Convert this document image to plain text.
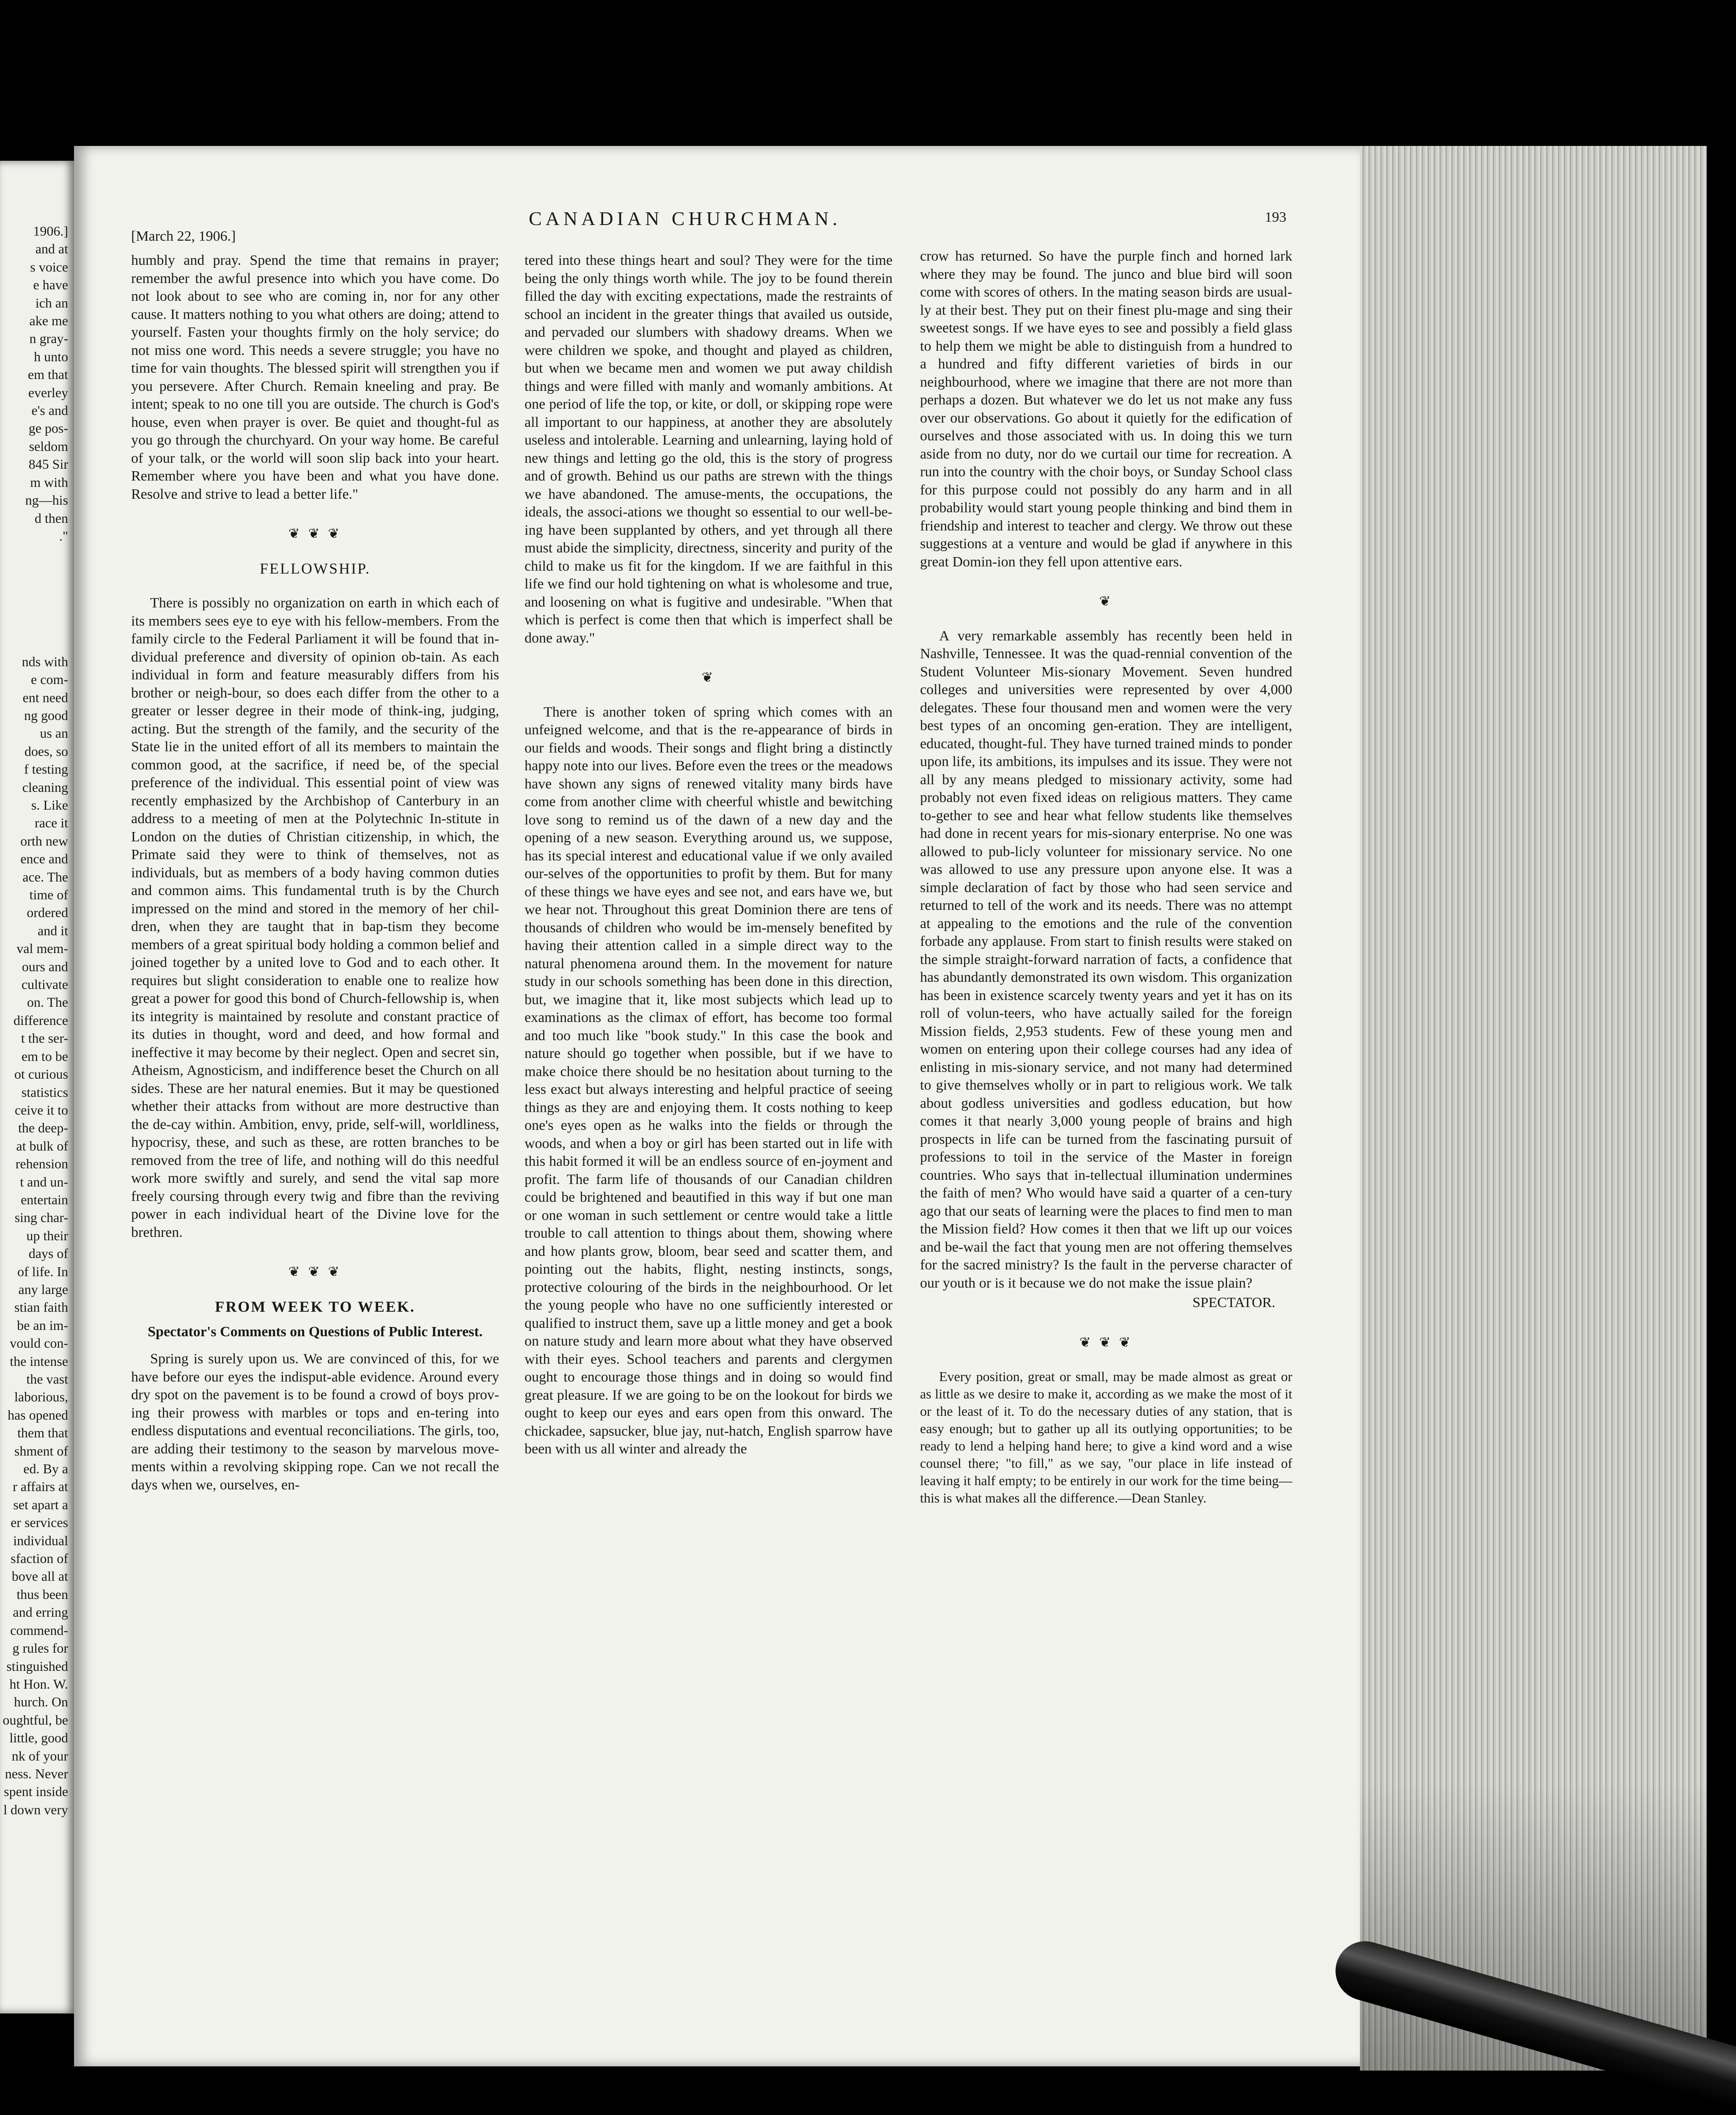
1906.]
and at
s voice
e have
ich an
ake me
n gray-
h unto
em that
everley
e's and
ge pos-
seldom
845 Sir
m with
ng—his
d then
."

nds with
e com-
ent need
ng good
us an
does, so
f testing
cleaning
s. Like
race it
orth new
ence and
ace. The
time of
ordered
and it
val mem-
ours and
cultivate
on. The
difference
t the ser-
em to be
ot curious
statistics
ceive it to
the deep-
at bulk of
rehension
t and un-
entertain
sing char-
up their
days of
of life. In
any large
stian faith
be an im-
vould con-
the intense
the vast
laborious,
has opened
them that
shment of
ed. By a
r affairs at
set apart a
er services
individual
sfaction of
bove all at
thus been
and erring
commend-
g rules for
stinguished
ht Hon. W.
hurch. On
oughtful, be
little, good
nk of your
ness. Never
spent inside
l down very
[March 22, 1906.]
CANADIAN CHURCHMAN.	193

humbly and pray. Spend the time that remains in prayer; remember the awful presence into which you have come. Do not look about to see who are coming in, nor for any other cause. It matters nothing to you what others are doing; attend to yourself. Fasten your thoughts firmly on the holy service; do not miss one word. This needs a severe struggle; you have no time for vain thoughts. The blessed spirit will strengthen you if you persevere. After Church. Remain kneeling and pray. Be intent; speak to no one till you are outside. The church is God's house, even when prayer is over. Be quiet and thought-ful as you go through the churchyard. On your way home. Be careful of your talk, or the world will soon slip back into your heart. Remember where you have been and what you have done. Resolve and strive to lead a better life."

❦ ❦ ❦
FELLOWSHIP.

There is possibly no organization on earth in which each of its members sees eye to eye with his fellow-members. From the family circle to the Federal Parliament it will be found that in-dividual preference and diversity of opinion ob-tain. As each individual in form and feature measurably differs from his brother or neigh-bour, so does each differ from the other to a greater or lesser degree in their mode of think-ing, judging, acting. But the strength of the family, and the security of the State lie in the united effort of all its members to maintain the common good, at the sacrifice, if need be, of the special preference of the individual. This essential point of view was recently emphasized by the Archbishop of Canterbury in an address to a meeting of men at the Polytechnic In-stitute in London on the duties of Christian citizenship, in which, the Primate said they were to think of themselves, not as individuals, but as members of a body having common duties and common aims. This fundamental truth is by the Church impressed on the mind and stored in the memory of her chil-dren, when they are taught that in bap-tism they become members of a great spiritual body holding a common belief and joined together by a united love to God and to each other. It requires but slight consideration to enable one to realize how great a power for good this bond of Church-fellowship is, when its integrity is maintained by resolute and constant practice of its duties in thought, word and deed, and how formal and ineffective it may become by their neglect. Open and secret sin, Atheism, Agnosticism, and indifference beset the Church on all sides. These are her natural enemies. But it may be questioned whether their attacks from without are more destructive than the de-cay within. Ambition, envy, pride, self-will, worldliness, hypocrisy, these, and such as these, are rotten branches to be removed from the tree of life, and nothing will do this needful work more swiftly and surely, and send the vital sap more freely coursing through every twig and fibre than the reviving power in each individual heart of the Divine love for the brethren.

❦ ❦ ❦
FROM WEEK TO WEEK.
Spectator's Comments on Questions of Public Interest.

Spring is surely upon us. We are convinced of this, for we have before our eyes the indisput-able evidence. Around every dry spot on the pavement is to be found a crowd of boys prov-ing their prowess with marbles or tops and en-tering into endless disputations and eventual reconciliations. The girls, too, are adding their testimony to the season by marvelous move-ments within a revolving skipping rope. Can we not recall the days when we, ourselves, en-

tered into these things heart and soul? They were for the time being the only things worth while. The joy to be found therein filled the day with exciting expectations, made the restraints of school an incident in the greater things that availed us outside, and pervaded our slumbers with shadowy dreams. When we were children we spoke, and thought and played as children, but when we became men and women we put away childish things and were filled with manly and womanly ambitions. At one period of life the top, or kite, or doll, or skipping rope were all important to our happiness, at another they are absolutely useless and intolerable. Learning and unlearning, laying hold of new things and letting go the old, this is the story of progress and of growth. Behind us our paths are strewn with the things we have abandoned. The amuse-ments, the occupations, the ideals, the associ-ations we thought so essential to our well-be-ing have been supplanted by others, and yet through all there must abide the simplicity, directness, sincerity and purity of the child to make us fit for the kingdom. If we are faithful in this life we find our hold tightening on what is wholesome and true, and loosening on what is fugitive and undesirable. "When that which is perfect is come then that which is imperfect shall be done away."

❦

There is another token of spring which comes with an unfeigned welcome, and that is the re-appearance of birds in our fields and woods. Their songs and flight bring a distinctly happy note into our lives. Before even the trees or the meadows have shown any signs of renewed vitality many birds have come from another clime with cheerful whistle and bewitching love song to remind us of the dawn of a new day and the opening of a new season. Everything around us, we suppose, has its special interest and educational value if we only availed our-selves of the opportunities to profit by them. But for many of these things we have eyes and see not, and ears have we, but we hear not. Throughout this great Dominion there are tens of thousands of children who would be im-mensely benefited by having their attention called in a simple direct way to the natural phenomena around them. In the movement for nature study in our schools something has been done in this direction, but, we imagine that it, like most subjects which lead up to examinations as the climax of effort, has become too formal and too much like "book study." In this case the book and nature should go together when possible, but if we have to make choice there should be no hesitation about turning to the less exact but always interesting and helpful practice of seeing things as they are and enjoying them. It costs nothing to keep one's eyes open as he walks into the fields or through the woods, and when a boy or girl has been started out in life with this habit formed it will be an endless source of en-joyment and profit. The farm life of thousands of our Canadian children could be brightened and beautified in this way if but one man or one woman in such settlement or centre would take a little trouble to call attention to things about them, showing where and how plants grow, bloom, bear seed and scatter them, and pointing out the habits, flight, nesting instincts, songs, protective colouring of the birds in the neighbourhood. Or let the young people who have no one sufficiently interested or qualified to instruct them, save up a little money and get a book on nature study and learn more about what they have observed with their eyes. School teachers and parents and clergymen ought to encourage those things and in doing so would find great pleasure. If we are going to be on the lookout for birds we ought to keep our eyes and ears open from this onward. The chickadee, sapsucker, blue jay, nut-hatch, English sparrow have been with us all winter and already the

crow has returned. So have the purple finch and horned lark where they may be found. The junco and blue bird will soon come with scores of others. In the mating season birds are usual-ly at their best. They put on their finest plu-mage and sing their sweetest songs. If we have eyes to see and possibly a field glass to help them we might be able to distinguish from a hundred to a hundred and fifty different varieties of birds in our neighbourhood, where we imagine that there are not more than perhaps a dozen. But whatever we do let us not make any fuss over our observations. Go about it quietly for the edification of ourselves and those associated with us. In doing this we turn aside from no duty, nor do we curtail our time for recreation. A run into the country with the choir boys, or Sunday School class for this purpose could not possibly do any harm and in all probability would start young people thinking and bind them in friendship and interest to teacher and clergy. We throw out these suggestions at a venture and would be glad if anywhere in this great Domin-ion they fell upon attentive ears.

❦

A very remarkable assembly has recently been held in Nashville, Tennessee. It was the quad-rennial convention of the Student Volunteer Mis-sionary Movement. Seven hundred colleges and universities were represented by over 4,000 delegates. These four thousand men and women were the very best types of an oncoming gen-eration. They are intelligent, educated, thought-ful. They have turned trained minds to ponder upon life, its ambitions, its impulses and its issue. They were not all by any means pledged to missionary activity, some had probably not even fixed ideas on religious matters. They came to-gether to see and hear what fellow students like themselves had done in recent years for mis-sionary enterprise. No one was allowed to pub-licly volunteer for missionary service. No one was allowed to use any pressure upon anyone else. It was a simple declaration of fact by those who had seen service and returned to tell of the work and its needs. There was no attempt at appealing to the emotions and the rule of the convention forbade any applause. From start to finish results were staked on the simple straight-forward narration of facts, a confidence that has abundantly demonstrated its own wisdom. This organization has been in existence scarcely twenty years and yet it has on its roll of volun-teers, who have actually sailed for the foreign Mission fields, 2,953 students. Few of these young men and women on entering upon their college courses had any idea of enlisting in mis-sionary service, and not many had determined to give themselves wholly or in part to religious work. We talk about godless universities and godless education, but how comes it that nearly 3,000 young people of brains and high prospects in life can be turned from the fascinating pursuit of professions to toil in the service of the Master in foreign countries. Who says that in-tellectual illumination undermines the faith of men? Who would have said a quarter of a cen-tury ago that our seats of learning were the places to find men to man the Mission field? How comes it then that we lift up our voices and be-wail the fact that young men are not offering themselves for the sacred ministry? Is the fault in the perverse character of our youth or is it because we do not make the issue plain?

SPECTATOR.
❦ ❦ ❦

Every position, great or small, may be made almost as great or as little as we desire to make it, according as we make the most of it or the least of it. To do the necessary duties of any station, that is easy enough; but to gather up all its outlying opportunities; to be ready to lend a helping hand here; to give a kind word and a wise counsel there; "to fill," as we say, "our place in life instead of leaving it half empty; to be entirely in our work for the time being—this is what makes all the difference.—Dean Stanley.
